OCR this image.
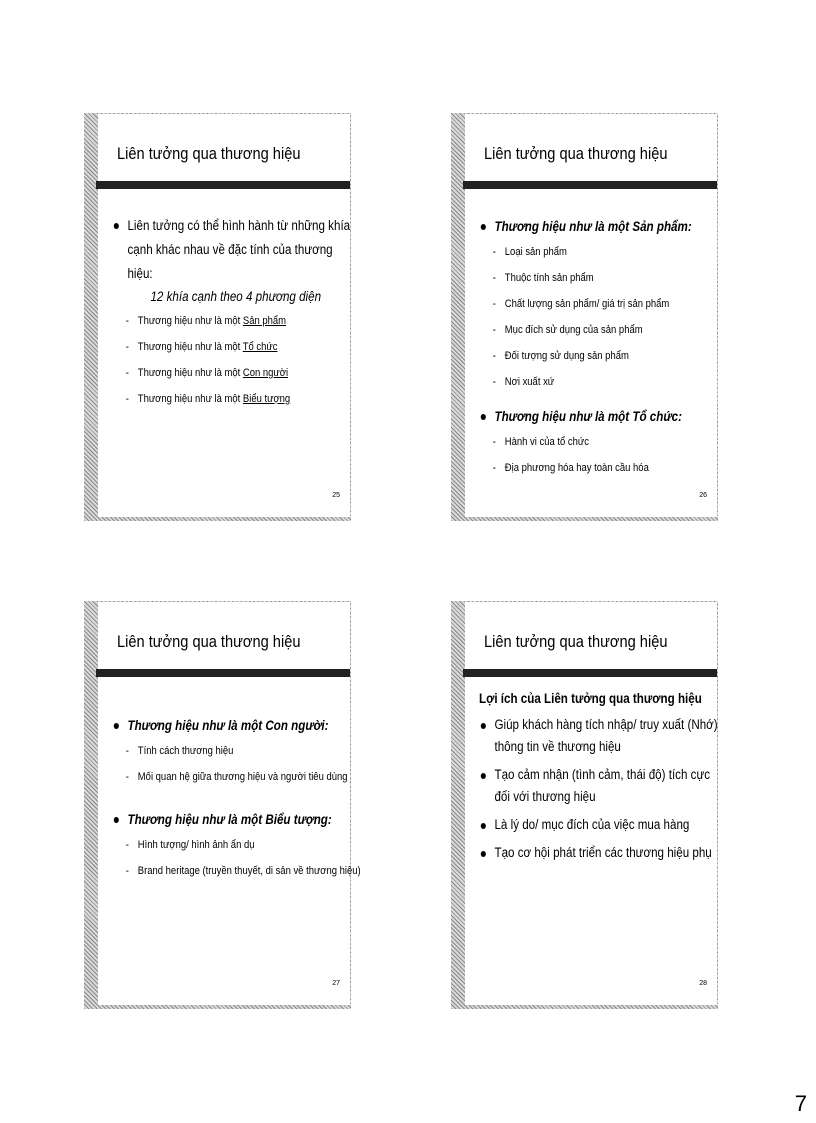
Liên tưởng qua thương hiệu
Liên tưởng có thể hình hành từ những khía cạnh khác nhau về đặc tính của thương hiệu:
12 khía cạnh theo 4 phương diện
- Thương hiệu như là một Sản phẩm
- Thương hiệu như là một Tổ chức
- Thương hiệu như là một Con người
- Thương hiệu như là một Biểu tượng
25
Liên tưởng qua thương hiệu
Thương hiệu như là một Sản phẩm:
- Loại sản phẩm
- Thuộc tính sản phẩm
- Chất lượng sản phẩm/ giá trị sản phẩm
- Mục đích sử dụng của sản phẩm
- Đối tượng sử dụng sản phẩm
- Nơi xuất xứ
Thương hiệu như là một Tổ chức:
- Hành vi của tổ chức
- Địa phương hóa hay toàn cầu hóa
26
Liên tưởng qua thương hiệu
Thương hiệu như là một Con người:
- Tính cách thương hiệu
- Mối quan hệ giữa thương hiệu và người tiêu dùng
Thương hiệu như là một Biểu tượng:
- Hình tượng/ hình ảnh ẩn dụ
- Brand heritage (truyền thuyết, di sản về thương hiệu)
27
Liên tưởng qua thương hiệu
Lợi ích của Liên tưởng qua thương hiệu
Giúp khách hàng tích nhập/ truy xuất (Nhớ) thông tin về thương hiệu
Tạo cảm nhận (tình cảm, thái độ) tích cực đối với thương hiệu
Là lý do/ mục đích của việc mua hàng
Tạo cơ hội phát triển các thương hiệu phụ
28
7
